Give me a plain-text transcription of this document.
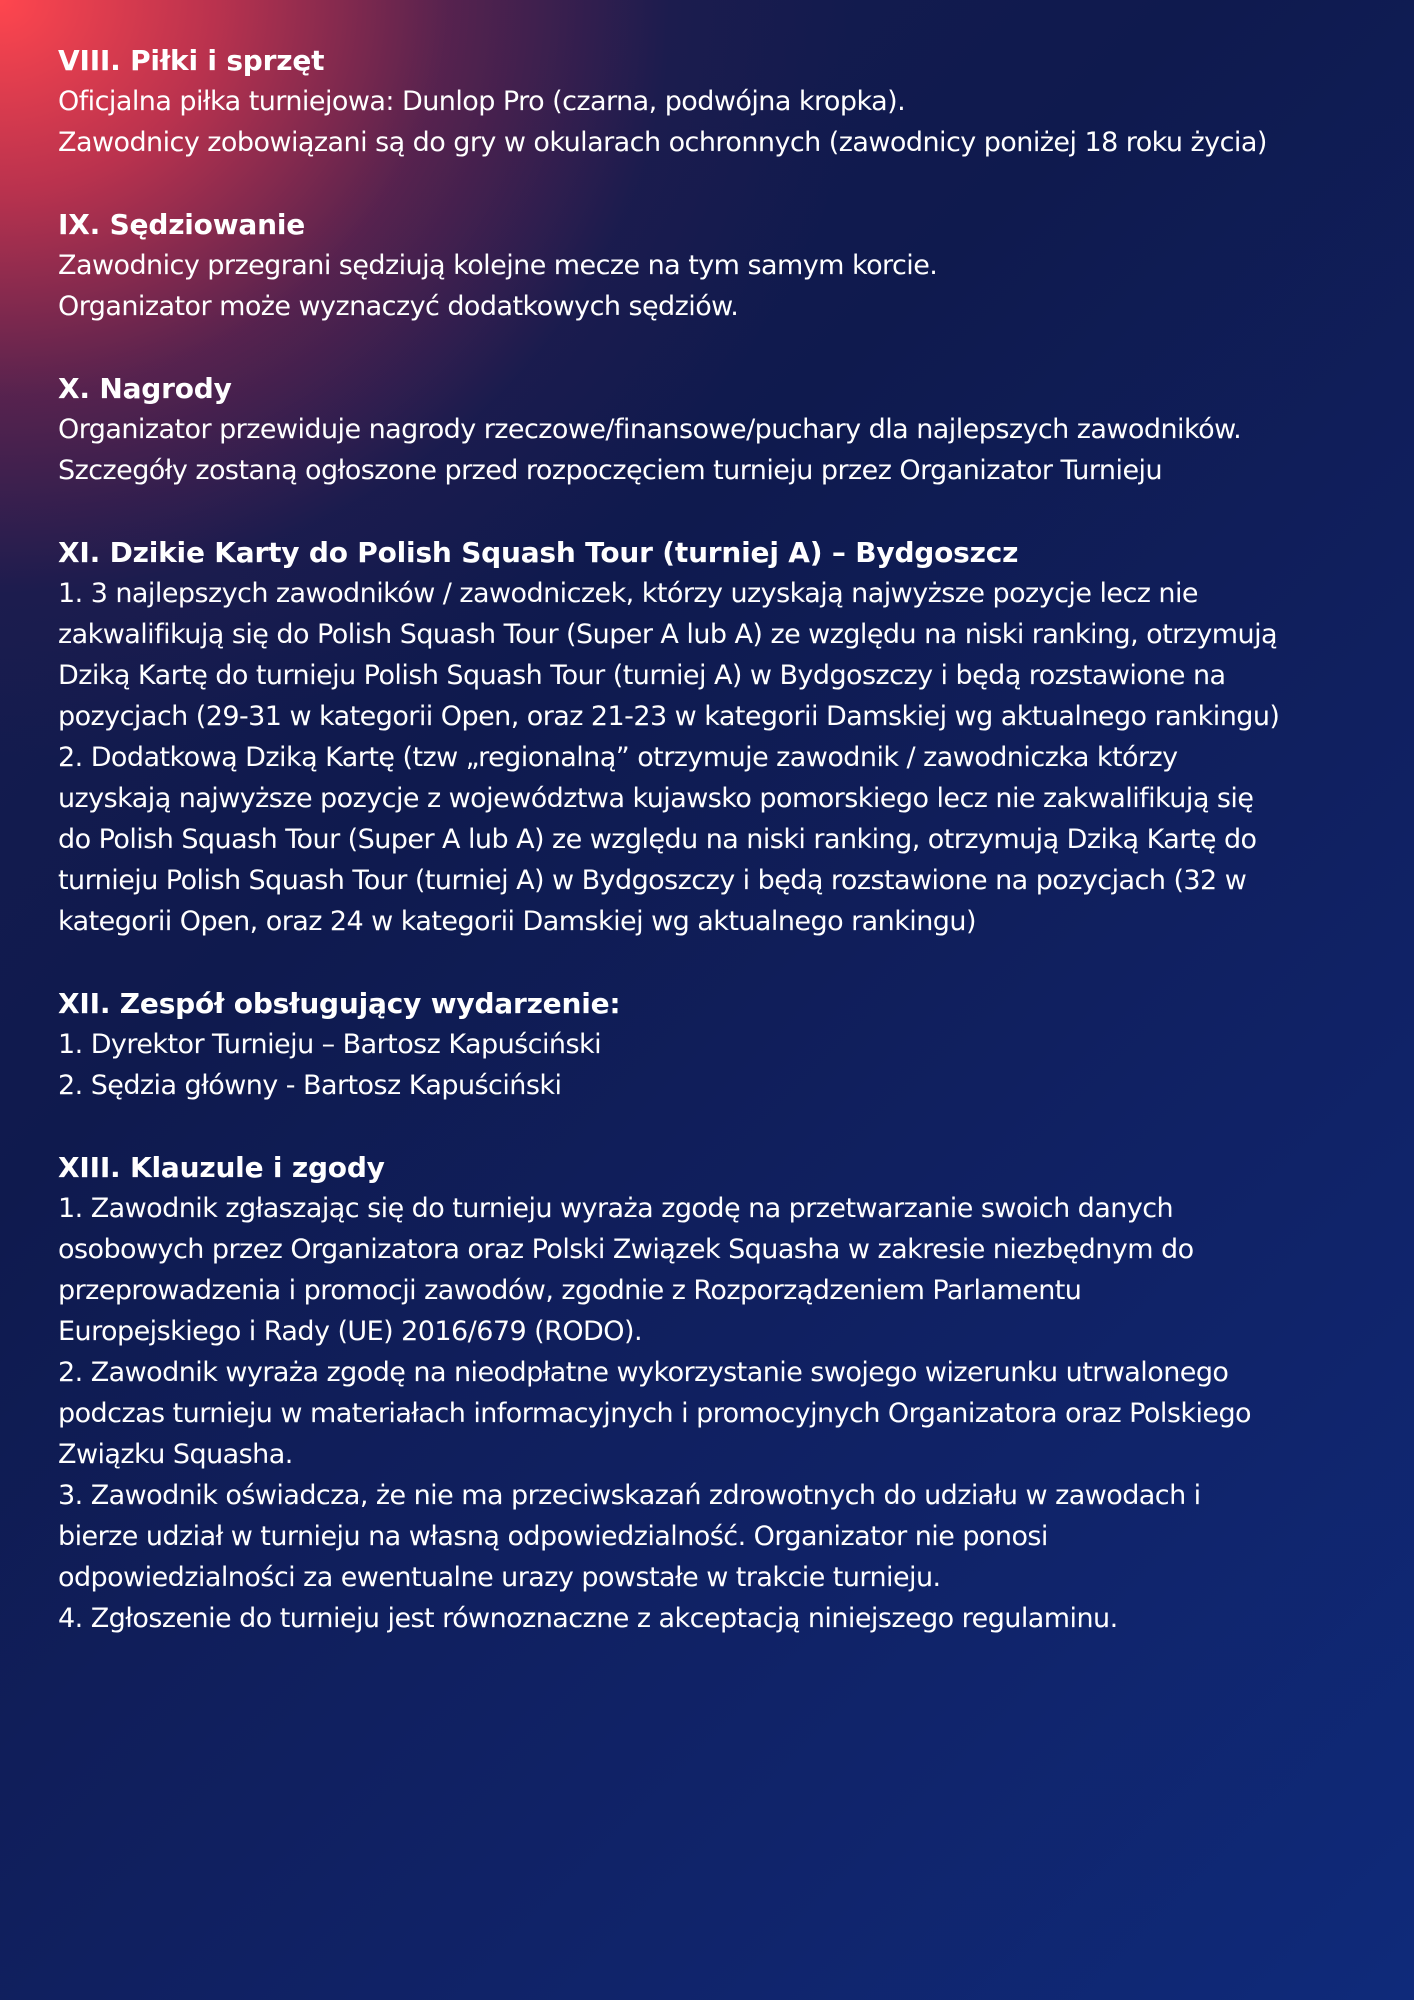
VIII. Piłki i sprzęt

Oficjalna piłka turniejowa: Dunlop Pro (czarna, podwójna kropka).

Zawodnicy zobowiązani są do gry w okularach ochronnych (zawodnicy poniżej 18 roku życia)

IX. Sędziowanie

Zawodnicy przegrani sędziują kolejne mecze na tym samym korcie.

Organizator może wyznaczyć dodatkowych sędziów.

X. Nagrody

Organizator przewiduje nagrody rzeczowe/finansowe/puchary dla najlepszych zawodników.

Szczegóły zostaną ogłoszone przed rozpoczęciem turnieju przez Organizator Turnieju

XI. Dzikie Karty do Polish Squash Tour (turniej A) – Bydgoszcz

1. 3 najlepszych zawodników / zawodniczek, którzy uzyskają najwyższe pozycje lecz nie

zakwalifikują się do Polish Squash Tour (Super A lub A) ze względu na niski ranking, otrzymują

Dziką Kartę do turnieju Polish Squash Tour (turniej A) w Bydgoszczy i będą rozstawione na

pozycjach (29-31 w kategorii Open, oraz 21-23 w kategorii Damskiej wg aktualnego rankingu)

2. Dodatkową Dziką Kartę (tzw „regionalną” otrzymuje zawodnik / zawodniczka którzy

uzyskają najwyższe pozycje z województwa kujawsko pomorskiego lecz nie zakwalifikują się

do Polish Squash Tour (Super A lub A) ze względu na niski ranking, otrzymują Dziką Kartę do

turnieju Polish Squash Tour (turniej A) w Bydgoszczy i będą rozstawione na pozycjach (32 w

kategorii Open, oraz 24 w kategorii Damskiej wg aktualnego rankingu)

XII. Zespół obsługujący wydarzenie:

1. Dyrektor Turnieju – Bartosz Kapuściński

2. Sędzia główny - Bartosz Kapuściński

XIII. Klauzule i zgody

1. Zawodnik zgłaszając się do turnieju wyraża zgodę na przetwarzanie swoich danych

osobowych przez Organizatora oraz Polski Związek Squasha w zakresie niezbędnym do

przeprowadzenia i promocji zawodów, zgodnie z Rozporządzeniem Parlamentu

Europejskiego i Rady (UE) 2016/679 (RODO).

2. Zawodnik wyraża zgodę na nieodpłatne wykorzystanie swojego wizerunku utrwalonego

podczas turnieju w materiałach informacyjnych i promocyjnych Organizatora oraz Polskiego

Związku Squasha.

3. Zawodnik oświadcza, że nie ma przeciwskazań zdrowotnych do udziału w zawodach i

bierze udział w turnieju na własną odpowiedzialność. Organizator nie ponosi

odpowiedzialności za ewentualne urazy powstałe w trakcie turnieju.

4. Zgłoszenie do turnieju jest równoznaczne z akceptacją niniejszego regulaminu.
